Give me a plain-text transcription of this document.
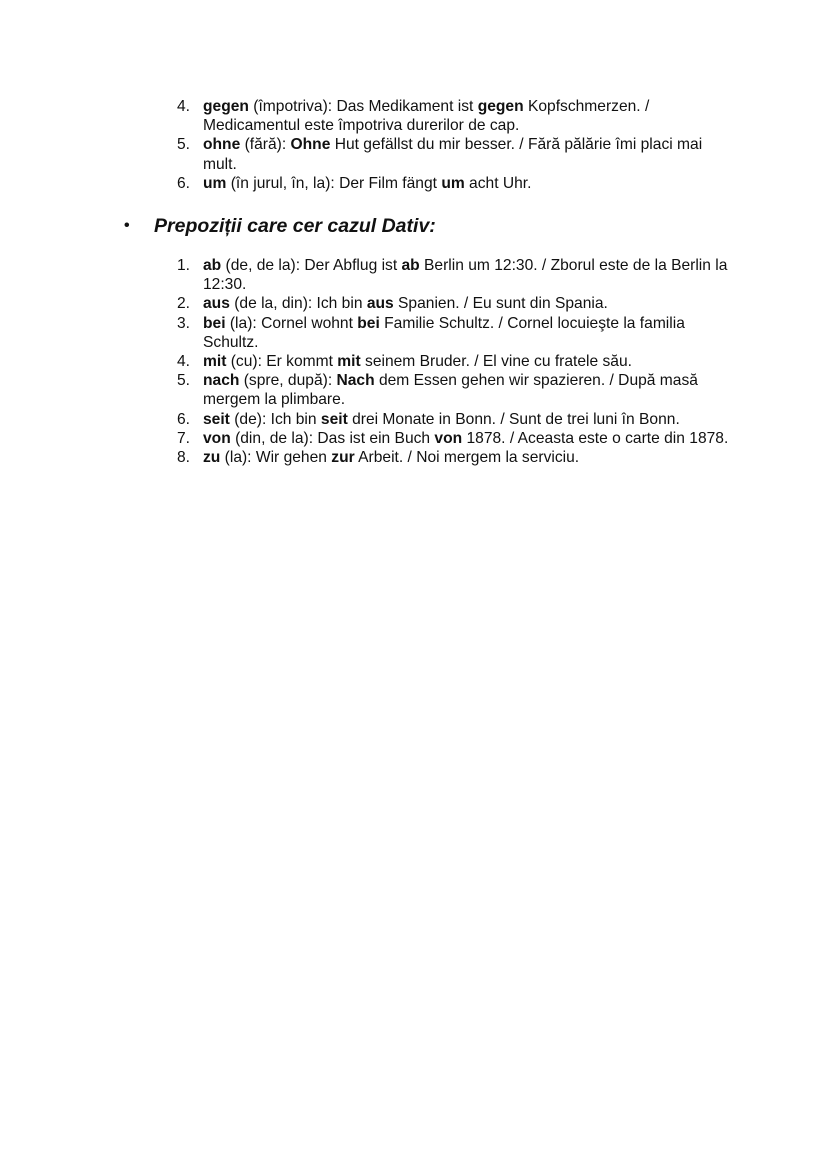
4. gegen (împotriva): Das Medikament ist gegen Kopfschmerzen. / Medicamentul este împotriva durerilor de cap.
5. ohne (fără): Ohne Hut gefällst du mir besser. / Fără pălărie îmi placi mai mult.
6. um (în jurul, în, la): Der Film fängt um acht Uhr.
•	Prepoziții care cer cazul Dativ:
1. ab (de, de la): Der Abflug ist ab Berlin um 12:30. / Zborul este de la Berlin la 12:30.
2. aus (de la, din): Ich bin aus Spanien. / Eu sunt din Spania.
3. bei (la): Cornel wohnt bei Familie Schultz. / Cornel locuieşte la familia Schultz.
4. mit (cu): Er kommt mit seinem Bruder. / El vine cu fratele său.
5. nach (spre, după): Nach dem Essen gehen wir spazieren. / După masă mergem la plimbare.
6. seit (de): Ich bin seit drei Monate in Bonn. / Sunt de trei luni în Bonn.
7. von (din, de la): Das ist ein Buch von 1878. / Aceasta este o carte din 1878.
8. zu (la): Wir gehen zur Arbeit. / Noi mergem la serviciu.
